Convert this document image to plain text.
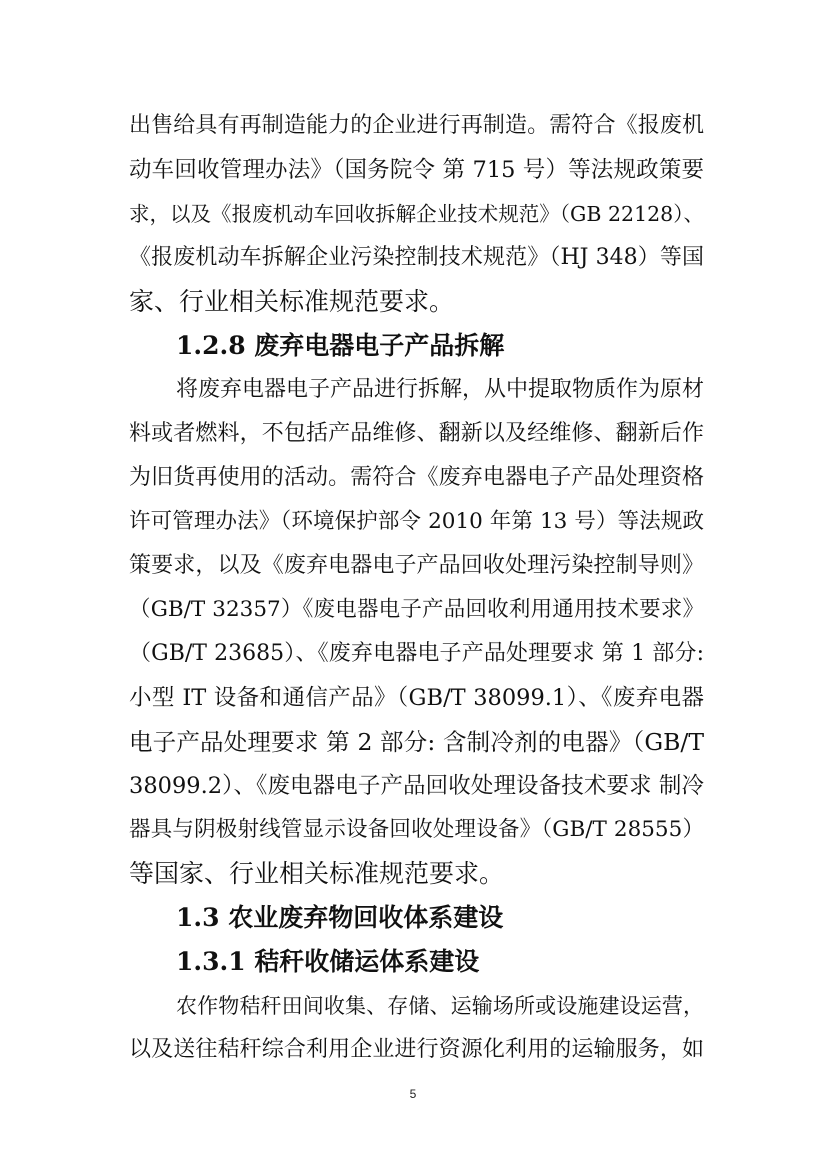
出售给具有再制造能力的企业进行再制造。需符合《报废机
动车回收管理办法》（国务院令 第 715 号）等法规政策要
求，以及《报废机动车回收拆解企业技术规范》（GB 22128）、
《报废机动车拆解企业污染控制技术规范》（HJ 348）等国
家、行业相关标准规范要求。
1.2.8 废弃电器电子产品拆解
将废弃电器电子产品进行拆解，从中提取物质作为原材
料或者燃料，不包括产品维修、翻新以及经维修、翻新后作
为旧货再使用的活动。需符合《废弃电器电子产品处理资格
许可管理办法》（环境保护部令 2010 年第 13 号）等法规政
策要求，以及《废弃电器电子产品回收处理污染控制导则》
（GB/T 32357）《废电器电子产品回收利用通用技术要求》
（GB/T 23685）、《废弃电器电子产品处理要求 第 1 部分:
小型 IT 设备和通信产品》（GB/T 38099.1）、《废弃电器
电子产品处理要求 第 2 部分: 含制冷剂的电器》（GB/T
38099.2）、《废电器电子产品回收处理设备技术要求 制冷
器具与阴极射线管显示设备回收处理设备》（GB/T 28555）
等国家、行业相关标准规范要求。
1.3 农业废弃物回收体系建设
1.3.1 秸秆收储运体系建设
农作物秸秆田间收集、存储、运输场所或设施建设运营，
以及送往秸秆综合利用企业进行资源化利用的运输服务，如
5
